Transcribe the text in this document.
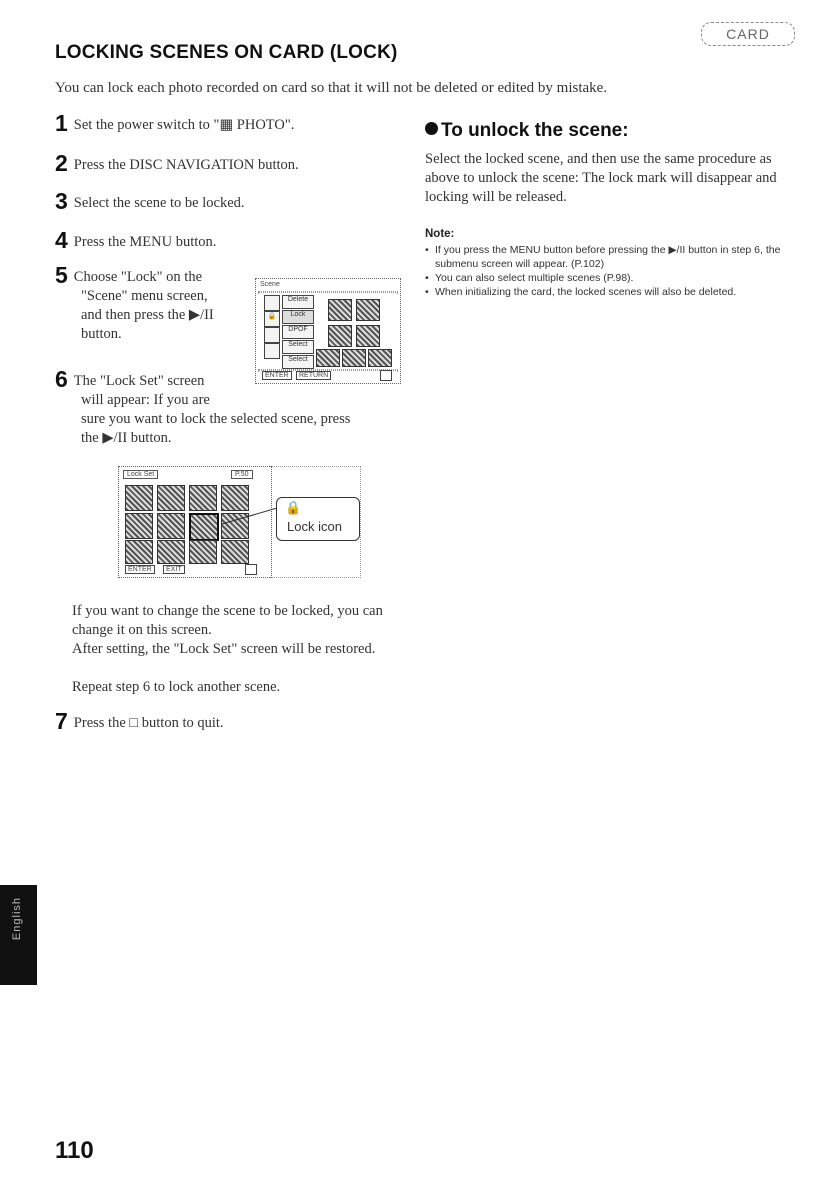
CARD
LOCKING SCENES ON CARD (LOCK)
You can lock each photo recorded on card so that it will not be deleted or edited by mistake.
1 Set the power switch to "▦ PHOTO".
2 Press the DISC NAVIGATION button.
3 Select the scene to be locked.
4 Press the MENU button.
5 Choose "Lock" on the
"Scene" menu screen,
and then press the ▶/II
button.
Scene
🔒
Delete
Lock
DPOF
Select
Select
ENTER	RETURN
6 The "Lock Set" screen
will appear: If you are
sure you want to lock the selected scene, press
the ▶/II button.
Lock Set	P.50
ENTER	EXIT
🔒
Lock icon
If you want to change the scene to be locked, you can change it on this screen.
After setting, the "Lock Set" screen will be restored.
Repeat step 6 to lock another scene.
7 Press the □ button to quit.
To unlock the scene:
Select the locked scene, and then use the same procedure as above to unlock the scene: The lock mark will disappear and locking will be released.
Note:
• If you press the MENU button before pressing the ▶/II button in step 6, the submenu screen will appear. (P.102)
• You can also select multiple scenes (P.98).
• When initializing the card, the locked scenes will also be deleted.
English
110
